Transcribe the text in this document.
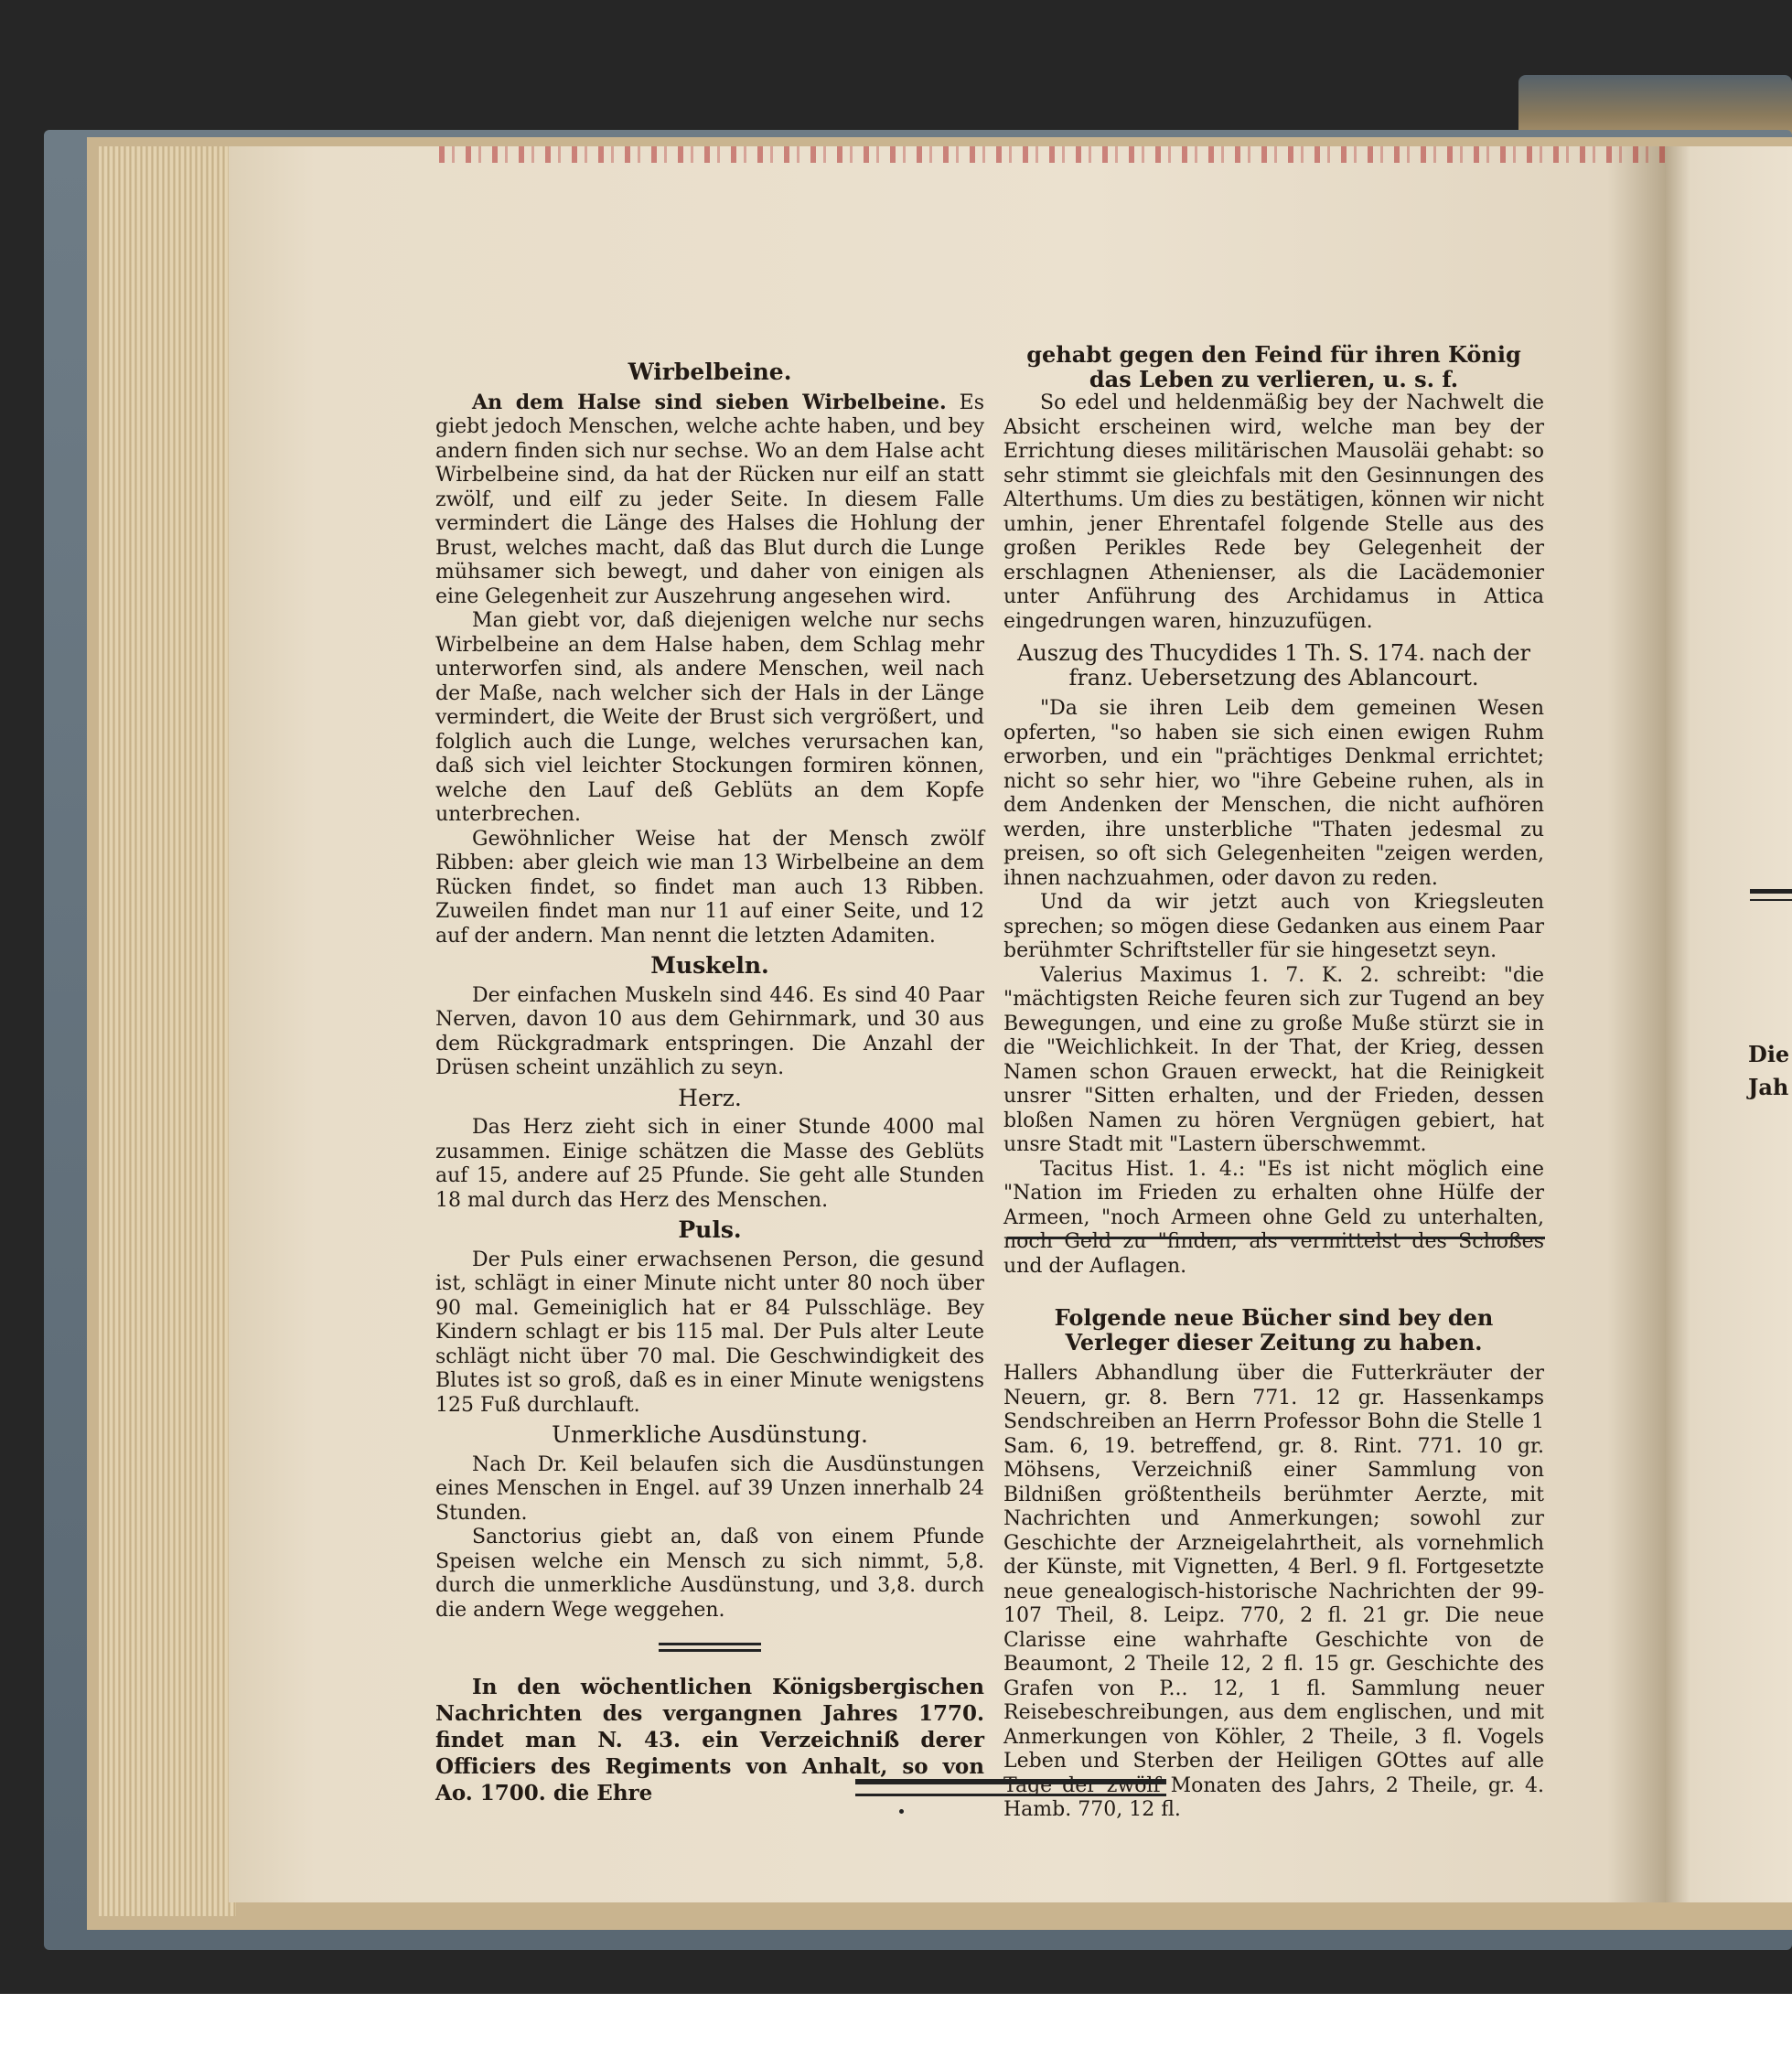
Wirbelbeine.

An dem Halse sind sieben Wirbelbeine. Es giebt jedoch Menschen, welche achte haben, und bey andern finden sich nur sechse. Wo an dem Halse acht Wirbelbeine sind, da hat der Rücken nur eilf an statt zwölf, und eilf zu jeder Seite. In diesem Falle vermindert die Länge des Halses die Hohlung der Brust, welches macht, daß das Blut durch die Lunge mühsamer sich bewegt, und daher von einigen als eine Gelegenheit zur Auszehrung angesehen wird.

Man giebt vor, daß diejenigen welche nur sechs Wirbelbeine an dem Halse haben, dem Schlag mehr unterworfen sind, als andere Menschen, weil nach der Maße, nach welcher sich der Hals in der Länge vermindert, die Weite der Brust sich vergrößert, und folglich auch die Lunge, welches verursachen kan, daß sich viel leichter Stockungen formiren können, welche den Lauf deß Geblüts an dem Kopfe unterbrechen.

Gewöhnlicher Weise hat der Mensch zwölf Ribben: aber gleich wie man 13 Wirbelbeine an dem Rücken findet, so findet man auch 13 Ribben. Zuweilen findet man nur 11 auf einer Seite, und 12 auf der andern. Man nennt die letzten Adamiten.

Muskeln.

Der einfachen Muskeln sind 446. Es sind 40 Paar Nerven, davon 10 aus dem Gehirnmark, und 30 aus dem Rückgradmark entspringen. Die Anzahl der Drüsen scheint unzählich zu seyn.

Herz.

Das Herz zieht sich in einer Stunde 4000 mal zusammen. Einige schätzen die Masse des Geblüts auf 15, andere auf 25 Pfunde. Sie geht alle Stunden 18 mal durch das Herz des Menschen.

Puls.

Der Puls einer erwachsenen Person, die gesund ist, schlägt in einer Minute nicht unter 80 noch über 90 mal. Gemeiniglich hat er 84 Pulsschläge. Bey Kindern schlagt er bis 115 mal. Der Puls alter Leute schlägt nicht über 70 mal. Die Geschwindigkeit des Blutes ist so groß, daß es in einer Minute wenigstens 125 Fuß durchlauft.

Unmerkliche Ausdünstung.

Nach Dr. Keil belaufen sich die Ausdünstungen eines Menschen in Engel. auf 39 Unzen innerhalb 24 Stunden.

Sanctorius giebt an, daß von einem Pfunde Speisen welche ein Mensch zu sich nimmt, 5,8. durch die unmerkliche Ausdünstung, und 3,8. durch die andern Wege weggehen.

In den wöchentlichen Königsbergischen Nachrichten des vergangnen Jahres 1770. findet man N. 43. ein Verzeichniß derer Officiers des Regiments von Anhalt, so von Ao. 1700. die Ehre

gehabt gegen den Feind für ihren König das Leben zu verlieren, u. s. f.

So edel und heldenmäßig bey der Nachwelt die Absicht erscheinen wird, welche man bey der Errichtung dieses militärischen Mausoläi gehabt: so sehr stimmt sie gleichfals mit den Gesinnungen des Alterthums. Um dies zu bestätigen, können wir nicht umhin, jener Ehrentafel folgende Stelle aus des großen Perikles Rede bey Gelegenheit der erschlagnen Athenienser, als die Lacädemonier unter Anführung des Archidamus in Attica eingedrungen waren, hinzuzufügen.

Auszug des Thucydides 1 Th. S. 174. nach der franz. Uebersetzung des Ablancourt.

"Da sie ihren Leib dem gemeinen Wesen opferten, "so haben sie sich einen ewigen Ruhm erworben, und ein "prächtiges Denkmal errichtet; nicht so sehr hier, wo "ihre Gebeine ruhen, als in dem Andenken der Menschen, die nicht aufhören werden, ihre unsterbliche "Thaten jedesmal zu preisen, so oft sich Gelegenheiten "zeigen werden, ihnen nachzuahmen, oder davon zu reden.

Und da wir jetzt auch von Kriegsleuten sprechen; so mögen diese Gedanken aus einem Paar berühmter Schriftsteller für sie hingesetzt seyn.

Valerius Maximus 1. 7. K. 2. schreibt: "die "mächtigsten Reiche feuren sich zur Tugend an bey Bewegungen, und eine zu große Muße stürzt sie in die "Weichlichkeit. In der That, der Krieg, dessen Namen schon Grauen erweckt, hat die Reinigkeit unsrer "Sitten erhalten, und der Frieden, dessen bloßen Namen zu hören Vergnügen gebiert, hat unsre Stadt mit "Lastern überschwemmt.

Tacitus Hist. 1. 4.: "Es ist nicht möglich eine "Nation im Frieden zu erhalten ohne Hülfe der Armeen, "noch Armeen ohne Geld zu unterhalten, noch Geld zu "finden, als vermittelst des Schoßes und der Auflagen.

Folgende neue Bücher sind bey den Verleger dieser Zeitung zu haben.

Hallers Abhandlung über die Futterkräuter der Neuern, gr. 8. Bern 771. 12 gr. Hassenkamps Sendschreiben an Herrn Professor Bohn die Stelle 1 Sam. 6, 19. betreffend, gr. 8. Rint. 771. 10 gr. Möhsens, Verzeichniß einer Sammlung von Bildnißen größtentheils berühmter Aerzte, mit Nachrichten und Anmerkungen; sowohl zur Geschichte der Arzneigelahrtheit, als vornehmlich der Künste, mit Vignetten, 4 Berl. 9 fl. Fortgesetzte neue genealogisch-historische Nachrichten der 99-107 Theil, 8. Leipz. 770, 2 fl. 21 gr. Die neue Clarisse eine wahrhafte Geschichte von de Beaumont, 2 Theile 12, 2 fl. 15 gr. Geschichte des Grafen von P... 12, 1 fl. Sammlung neuer Reisebeschreibungen, aus dem englischen, und mit Anmerkungen von Köhler, 2 Theile, 3 fl. Vogels Leben und Sterben der Heiligen GOttes auf alle Tage der zwölf Monaten des Jahrs, 2 Theile, gr. 4. Hamb. 770, 12 fl.

Die
Jah
